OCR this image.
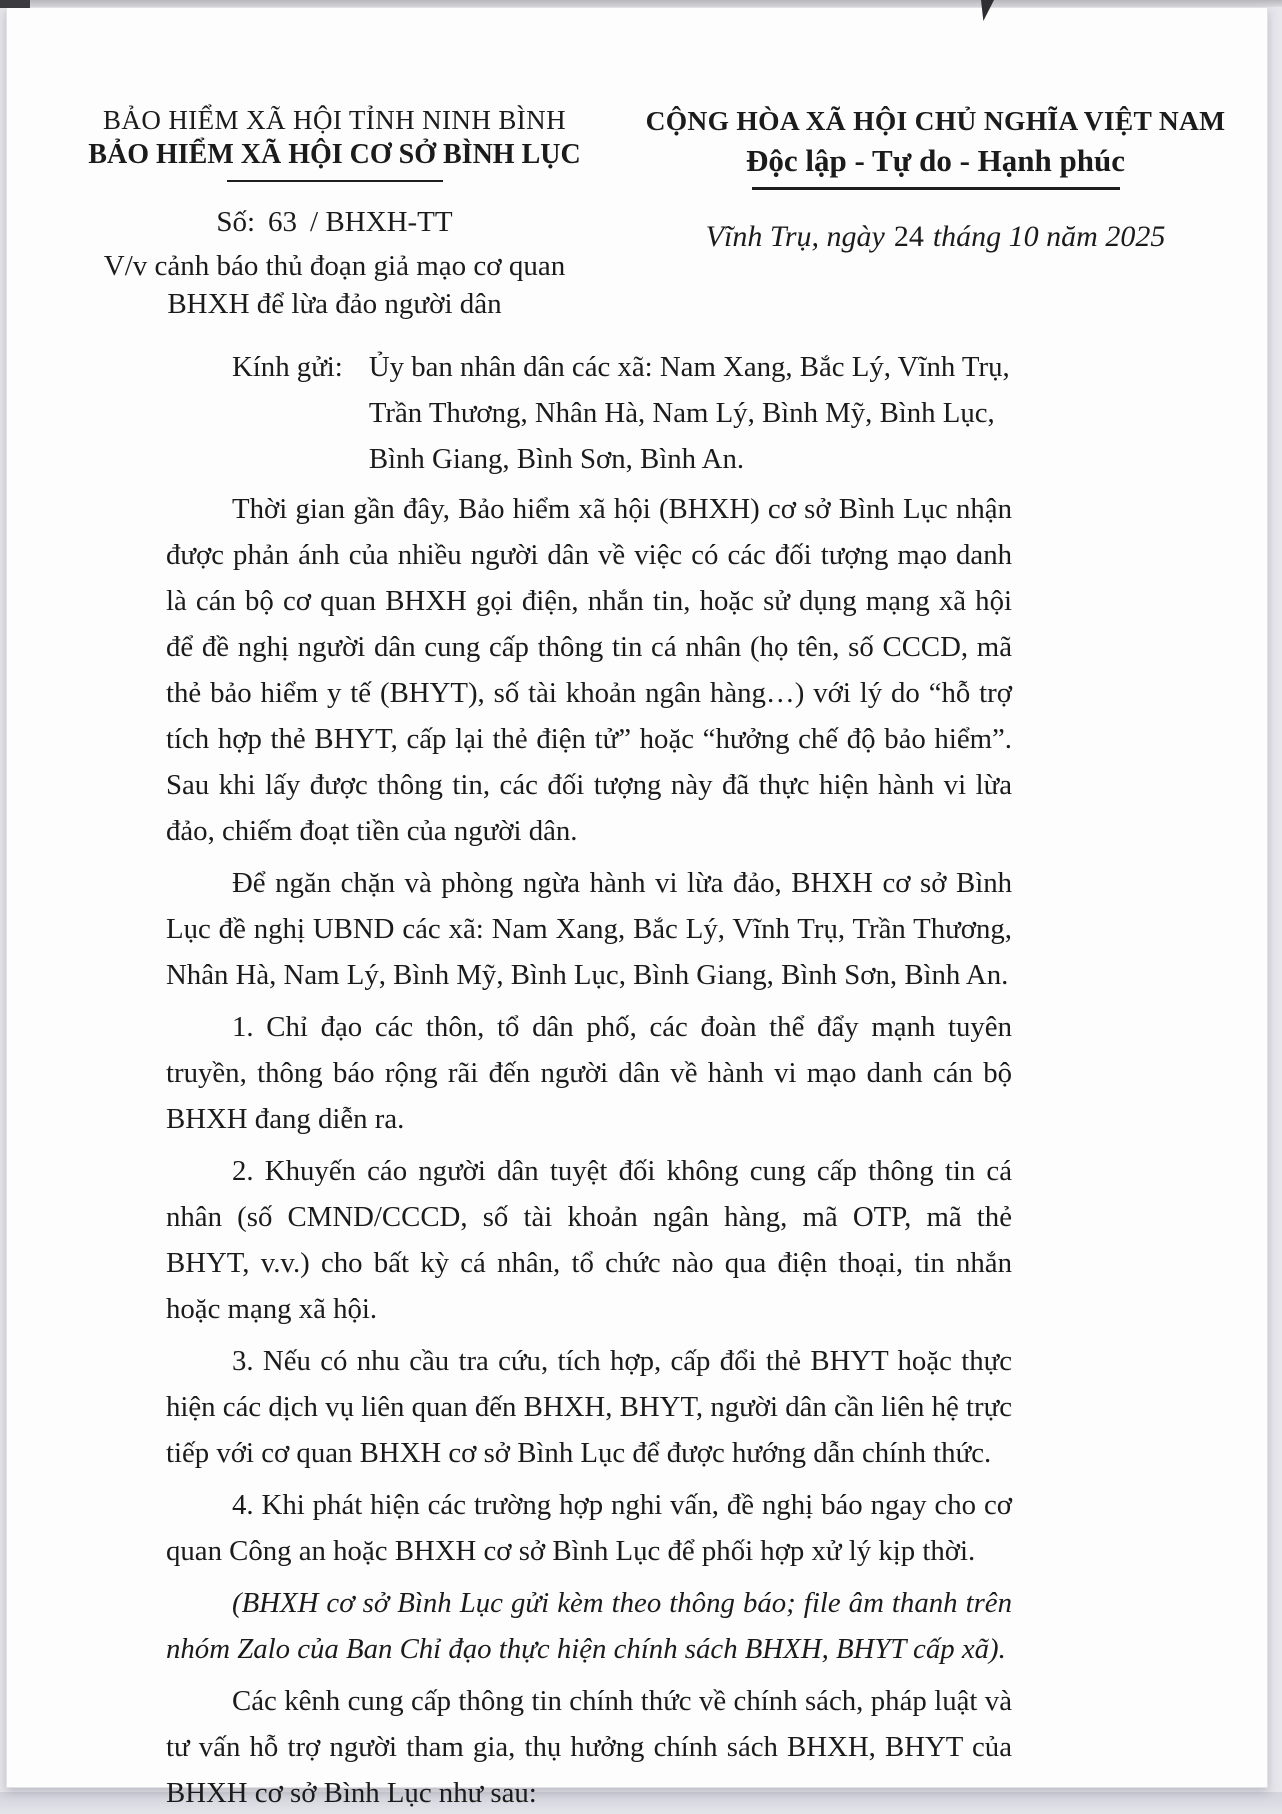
BẢO HIỂM XÃ HỘI TỈNH NINH BÌNH
BẢO HIỂM XÃ HỘI CƠ SỞ BÌNH LỤC
Số: 63 / BHXH-TT
V/v cảnh báo thủ đoạn giả mạo cơ quan
BHXH để lừa đảo người dân
CỘNG HÒA XÃ HỘI CHỦ NGHĨA VIỆT NAM
Độc lập - Tự do - Hạnh phúc
Vĩnh Trụ, ngày 24 tháng 10 năm 2025
Kính gửi: Ủy ban nhân dân các xã: Nam Xang, Bắc Lý, Vĩnh Trụ, Trần Thương, Nhân Hà, Nam Lý, Bình Mỹ, Bình Lục, Bình Giang, Bình Sơn, Bình An.

Thời gian gần đây, Bảo hiểm xã hội (BHXH) cơ sở Bình Lục nhận được phản ánh của nhiều người dân về việc có các đối tượng mạo danh là cán bộ cơ quan BHXH gọi điện, nhắn tin, hoặc sử dụng mạng xã hội để đề nghị người dân cung cấp thông tin cá nhân (họ tên, số CCCD, mã thẻ bảo hiểm y tế (BHYT), số tài khoản ngân hàng…) với lý do “hỗ trợ tích hợp thẻ BHYT, cấp lại thẻ điện tử” hoặc “hưởng chế độ bảo hiểm”. Sau khi lấy được thông tin, các đối tượng này đã thực hiện hành vi lừa đảo, chiếm đoạt tiền của người dân.

Để ngăn chặn và phòng ngừa hành vi lừa đảo, BHXH cơ sở Bình Lục đề nghị UBND các xã: Nam Xang, Bắc Lý, Vĩnh Trụ, Trần Thương, Nhân Hà, Nam Lý, Bình Mỹ, Bình Lục, Bình Giang, Bình Sơn, Bình An.

1. Chỉ đạo các thôn, tổ dân phố, các đoàn thể đẩy mạnh tuyên truyền, thông báo rộng rãi đến người dân về hành vi mạo danh cán bộ BHXH đang diễn ra.

2. Khuyến cáo người dân tuyệt đối không cung cấp thông tin cá nhân (số CMND/CCCD, số tài khoản ngân hàng, mã OTP, mã thẻ BHYT, v.v.) cho bất kỳ cá nhân, tổ chức nào qua điện thoại, tin nhắn hoặc mạng xã hội.

3. Nếu có nhu cầu tra cứu, tích hợp, cấp đổi thẻ BHYT hoặc thực hiện các dịch vụ liên quan đến BHXH, BHYT, người dân cần liên hệ trực tiếp với cơ quan BHXH cơ sở Bình Lục để được hướng dẫn chính thức.

4. Khi phát hiện các trường hợp nghi vấn, đề nghị báo ngay cho cơ quan Công an hoặc BHXH cơ sở Bình Lục để phối hợp xử lý kịp thời.

(BHXH cơ sở Bình Lục gửi kèm theo thông báo; file âm thanh trên nhóm Zalo của Ban Chỉ đạo thực hiện chính sách BHXH, BHYT cấp xã).

Các kênh cung cấp thông tin chính thức về chính sách, pháp luật và tư vấn hỗ trợ người tham gia, thụ hưởng chính sách BHXH, BHYT của BHXH cơ sở Bình Lục như sau:
